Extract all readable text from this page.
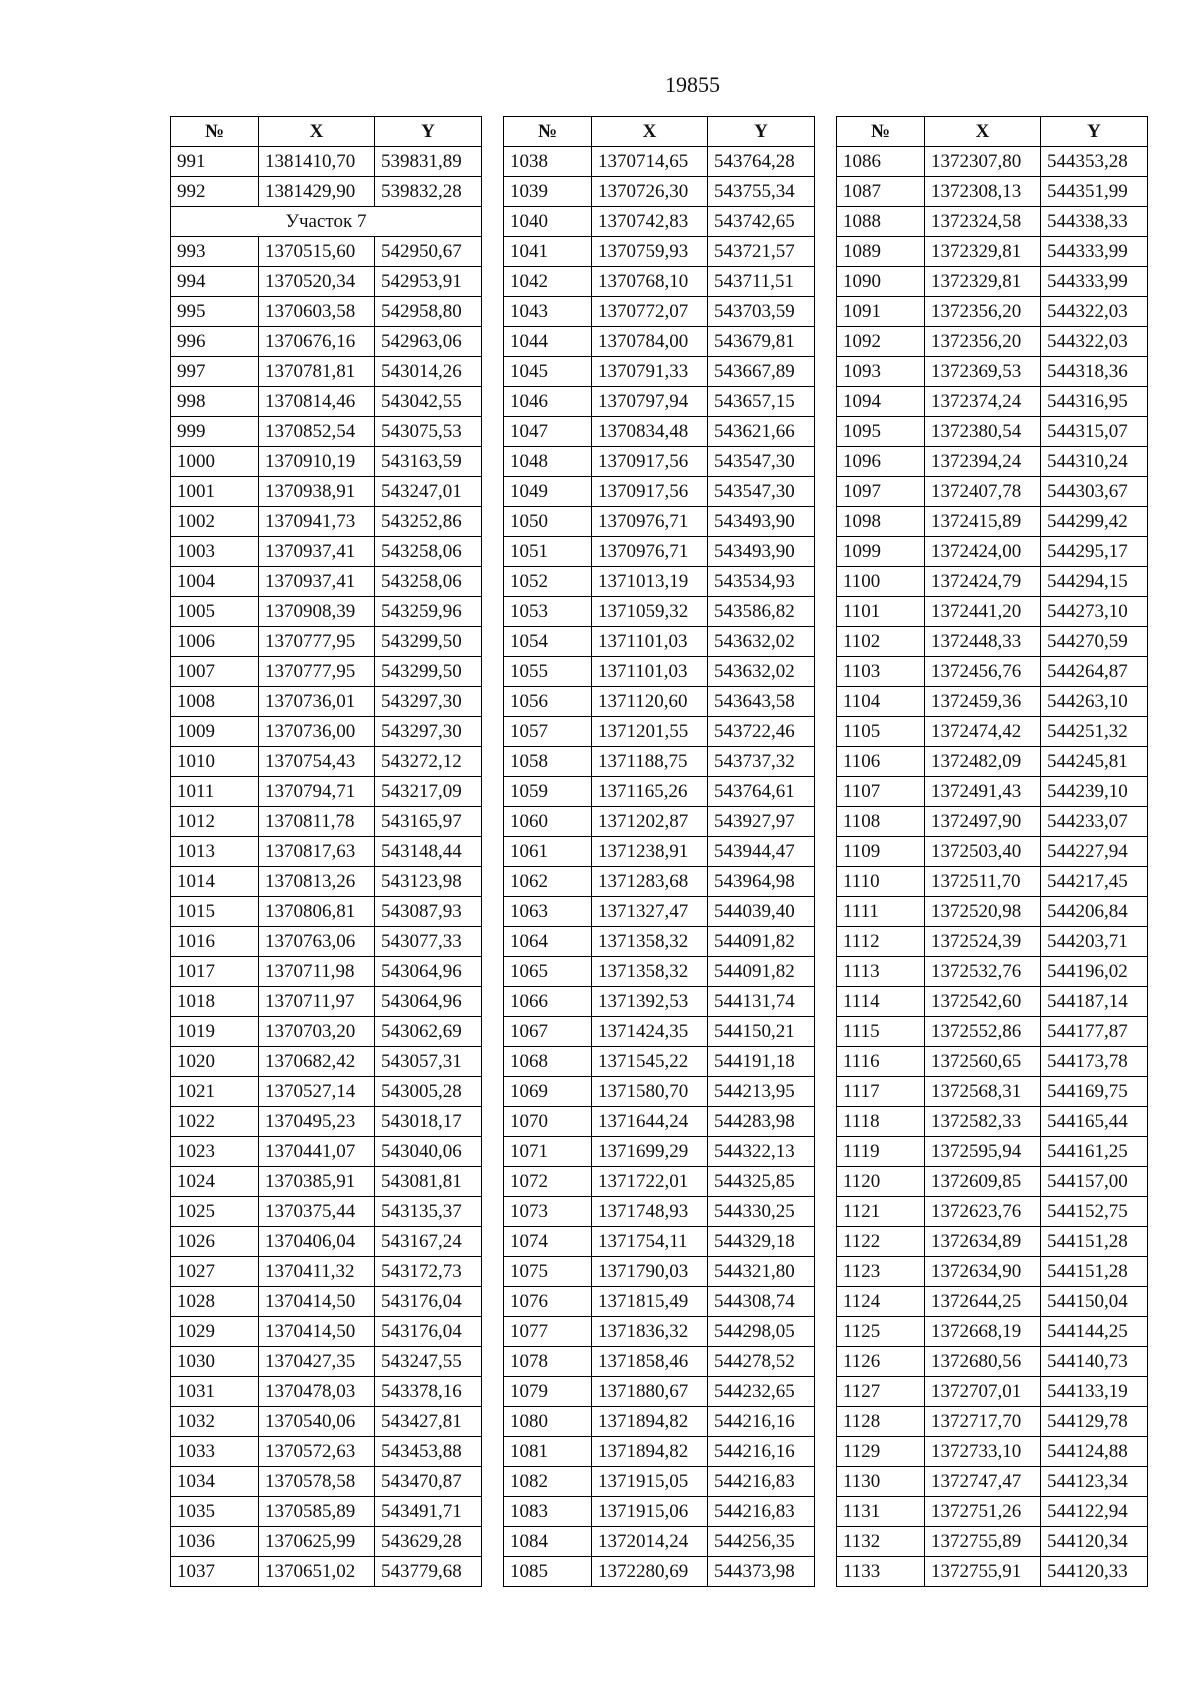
19855
№	X	Y
991	1381410,70	539831,89
992	1381429,90	539832,28
Участок 7		
993	1370515,60	542950,67
994	1370520,34	542953,91
995	1370603,58	542958,80
996	1370676,16	542963,06
997	1370781,81	543014,26
998	1370814,46	543042,55
999	1370852,54	543075,53
1000	1370910,19	543163,59
1001	1370938,91	543247,01
1002	1370941,73	543252,86
1003	1370937,41	543258,06
1004	1370937,41	543258,06
1005	1370908,39	543259,96
1006	1370777,95	543299,50
1007	1370777,95	543299,50
1008	1370736,01	543297,30
1009	1370736,00	543297,30
1010	1370754,43	543272,12
1011	1370794,71	543217,09
1012	1370811,78	543165,97
1013	1370817,63	543148,44
1014	1370813,26	543123,98
1015	1370806,81	543087,93
1016	1370763,06	543077,33
1017	1370711,98	543064,96
1018	1370711,97	543064,96
1019	1370703,20	543062,69
1020	1370682,42	543057,31
1021	1370527,14	543005,28
1022	1370495,23	543018,17
1023	1370441,07	543040,06
1024	1370385,91	543081,81
1025	1370375,44	543135,37
1026	1370406,04	543167,24
1027	1370411,32	543172,73
1028	1370414,50	543176,04
1029	1370414,50	543176,04
1030	1370427,35	543247,55
1031	1370478,03	543378,16
1032	1370540,06	543427,81
1033	1370572,63	543453,88
1034	1370578,58	543470,87
1035	1370585,89	543491,71
1036	1370625,99	543629,28
1037	1370651,02	543779,68
№	X	Y
1038	1370714,65	543764,28
1039	1370726,30	543755,34
1040	1370742,83	543742,65
1041	1370759,93	543721,57
1042	1370768,10	543711,51
1043	1370772,07	543703,59
1044	1370784,00	543679,81
1045	1370791,33	543667,89
1046	1370797,94	543657,15
1047	1370834,48	543621,66
1048	1370917,56	543547,30
1049	1370917,56	543547,30
1050	1370976,71	543493,90
1051	1370976,71	543493,90
1052	1371013,19	543534,93
1053	1371059,32	543586,82
1054	1371101,03	543632,02
1055	1371101,03	543632,02
1056	1371120,60	543643,58
1057	1371201,55	543722,46
1058	1371188,75	543737,32
1059	1371165,26	543764,61
1060	1371202,87	543927,97
1061	1371238,91	543944,47
1062	1371283,68	543964,98
1063	1371327,47	544039,40
1064	1371358,32	544091,82
1065	1371358,32	544091,82
1066	1371392,53	544131,74
1067	1371424,35	544150,21
1068	1371545,22	544191,18
1069	1371580,70	544213,95
1070	1371644,24	544283,98
1071	1371699,29	544322,13
1072	1371722,01	544325,85
1073	1371748,93	544330,25
1074	1371754,11	544329,18
1075	1371790,03	544321,80
1076	1371815,49	544308,74
1077	1371836,32	544298,05
1078	1371858,46	544278,52
1079	1371880,67	544232,65
1080	1371894,82	544216,16
1081	1371894,82	544216,16
1082	1371915,05	544216,83
1083	1371915,06	544216,83
1084	1372014,24	544256,35
1085	1372280,69	544373,98
№	X	Y
1086	1372307,80	544353,28
1087	1372308,13	544351,99
1088	1372324,58	544338,33
1089	1372329,81	544333,99
1090	1372329,81	544333,99
1091	1372356,20	544322,03
1092	1372356,20	544322,03
1093	1372369,53	544318,36
1094	1372374,24	544316,95
1095	1372380,54	544315,07
1096	1372394,24	544310,24
1097	1372407,78	544303,67
1098	1372415,89	544299,42
1099	1372424,00	544295,17
1100	1372424,79	544294,15
1101	1372441,20	544273,10
1102	1372448,33	544270,59
1103	1372456,76	544264,87
1104	1372459,36	544263,10
1105	1372474,42	544251,32
1106	1372482,09	544245,81
1107	1372491,43	544239,10
1108	1372497,90	544233,07
1109	1372503,40	544227,94
1110	1372511,70	544217,45
1111	1372520,98	544206,84
1112	1372524,39	544203,71
1113	1372532,76	544196,02
1114	1372542,60	544187,14
1115	1372552,86	544177,87
1116	1372560,65	544173,78
1117	1372568,31	544169,75
1118	1372582,33	544165,44
1119	1372595,94	544161,25
1120	1372609,85	544157,00
1121	1372623,76	544152,75
1122	1372634,89	544151,28
1123	1372634,90	544151,28
1124	1372644,25	544150,04
1125	1372668,19	544144,25
1126	1372680,56	544140,73
1127	1372707,01	544133,19
1128	1372717,70	544129,78
1129	1372733,10	544124,88
1130	1372747,47	544123,34
1131	1372751,26	544122,94
1132	1372755,89	544120,34
1133	1372755,91	544120,33
